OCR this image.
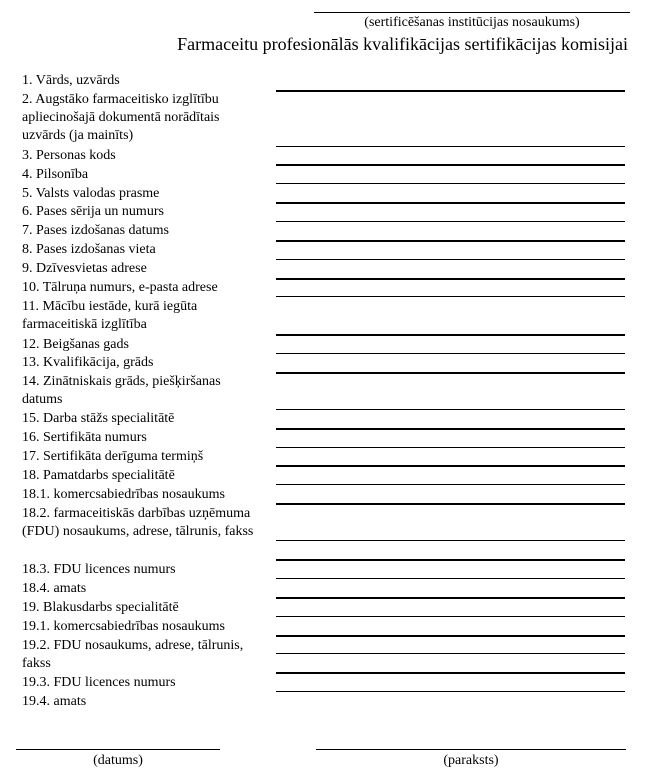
(sertificēšanas institūcijas nosaukums)
Farmaceitu profesionālās kvalifikācijas sertifikācijas komisijai
1. Vārds, uzvārds
2. Augstāko farmaceitisko izglītību apliecinošajā dokumentā norādītais uzvārds (ja mainīts)
3. Personas kods
4. Pilsonība
5. Valsts valodas prasme
6. Pases sērija un numurs
7. Pases izdošanas datums
8. Pases izdošanas vieta
9. Dzīvesvietas adrese
10. Tālruņa numurs, e-pasta adrese
11. Mācību iestāde, kurā iegūta farmaceitiskā izglītība
12. Beigšanas gads
13. Kvalifikācija, grāds
14. Zinātniskais grāds, piešķiršanas datums
15. Darba stāžs specialitātē
16. Sertifikāta numurs
17. Sertifikāta derīguma termiņš
18. Pamatdarbs specialitātē
18.1. komercsabiedrības nosaukums
18.2. farmaceitiskās darbības uzņēmuma (FDU) nosaukums, adrese, tālrunis, fakss
18.3. FDU licences numurs
18.4. amats
19. Blakusdarbs specialitātē
19.1. komercsabiedrības nosaukums
19.2. FDU nosaukums, adrese, tālrunis, fakss
19.3. FDU licences numurs
19.4. amats
(datums)	(paraksts)
